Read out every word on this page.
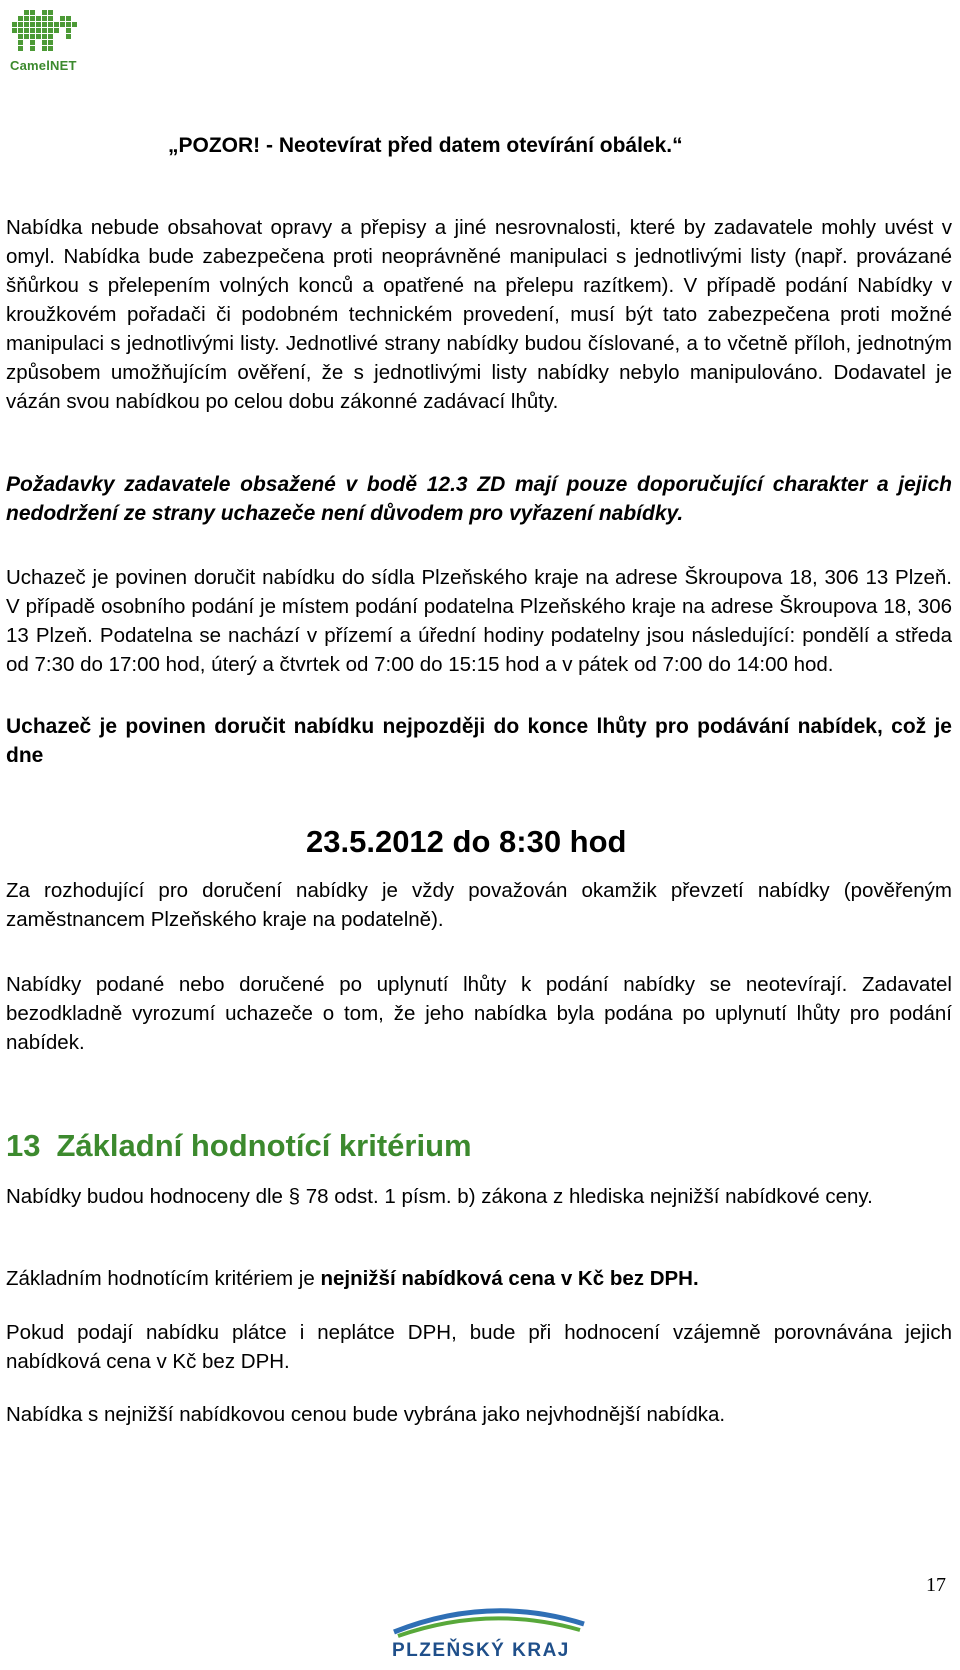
CamelNET
„POZOR! - Neotevírat před datem otevírání obálek.“

Nabídka nebude obsahovat opravy a přepisy a jiné nesrovnalosti, které by zadavatele mohly uvést v omyl. Nabídka bude zabezpečena proti neoprávněné manipulaci s jednotlivými listy (např. provázané šňůrkou s přelepením volných konců a opatřené na přelepu razítkem). V případě podání Nabídky v kroužkovém pořadači či podobném technickém provedení, musí být tato zabezpečena proti možné manipulaci s jednotlivými listy. Jednotlivé strany nabídky budou číslované, a to včetně příloh, jednotným způsobem umožňujícím ověření, že s jednotlivými listy nabídky nebylo manipulováno. Dodavatel je vázán svou nabídkou po celou dobu zákonné zadávací lhůty.

Požadavky zadavatele obsažené v bodě 12.3 ZD mají pouze doporučující charakter a jejich nedodržení ze strany uchazeče není důvodem pro vyřazení nabídky.

Uchazeč je povinen doručit nabídku do sídla Plzeňského kraje na adrese Škroupova 18, 306 13 Plzeň. V případě osobního podání je místem podání podatelna Plzeňského kraje na adrese Škroupova 18, 306 13 Plzeň. Podatelna se nachází v přízemí a úřední hodiny podatelny jsou následující: pondělí a středa od 7:30 do 17:00 hod, úterý a čtvrtek od 7:00 do 15:15 hod a v pátek od 7:00 do 14:00 hod.

Uchazeč je povinen doručit nabídku nejpozději do konce lhůty pro podávání nabídek, což je dne

23.5.2012 do 8:30 hod

Za rozhodující pro doručení nabídky je vždy považován okamžik převzetí nabídky (pověřeným zaměstnancem Plzeňského kraje na podatelně).

Nabídky podané nebo doručené po uplynutí lhůty k podání nabídky se neotevírají. Zadavatel bezodkladně vyrozumí uchazeče o tom, že jeho nabídka byla podána po uplynutí lhůty pro podání nabídek.

13 Základní hodnotící kritérium

Nabídky budou hodnoceny dle § 78 odst. 1 písm. b) zákona z hlediska nejnižší nabídkové ceny.

Základním hodnotícím kritériem je nejnižší nabídková cena v Kč bez DPH.

Pokud podají nabídku plátce i neplátce DPH, bude při hodnocení vzájemně porovnávána jejich nabídková cena v Kč bez DPH.

Nabídka s nejnižší nabídkovou cenou bude vybrána jako nejvhodnější nabídka.

17
PLZEŇSKÝ KRAJ
